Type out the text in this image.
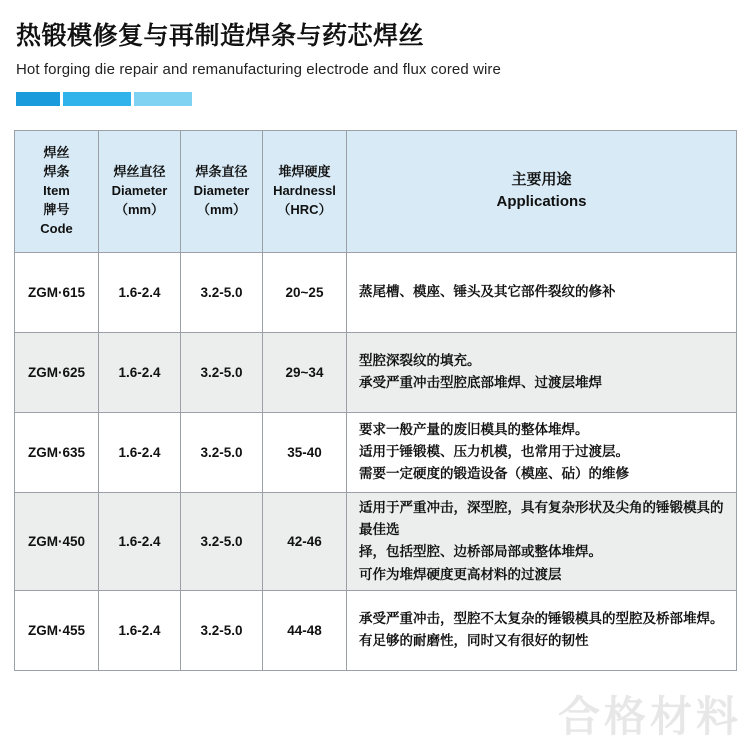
热锻模修复与再制造焊条与药芯焊丝
Hot forging die repair and remanufacturing electrode and flux cored wire
焊丝
焊条
Item
牌号
Code	焊丝直径
Diameter
（mm）	焊条直径
Diameter
（mm）	堆焊硬度
Hardnessl
（HRC）	主要用途
Applications

ZGM·615	1.6-2.4	3.2-5.0	20~25	蒸尾槽、模座、锤头及其它部件裂纹的修补

ZGM·625	1.6-2.4	3.2-5.0	29~34	型腔深裂纹的填充。
承受严重冲击型腔底部堆焊、过渡层堆焊

ZGM·635	1.6-2.4	3.2-5.0	35-40	要求一般产量的废旧模具的整体堆焊。
适用于锤锻模、压力机模，也常用于过渡层。
需要一定硬度的锻造设备（模座、砧）的维修

ZGM·450	1.6-2.4	3.2-5.0	42-46	适用于严重冲击，深型腔，具有复杂形状及尖角的锤锻模具的最佳选
择，包括型腔、边桥部局部或整体堆焊。
可作为堆焊硬度更高材料的过渡层

ZGM·455	1.6-2.4	3.2-5.0	44-48	承受严重冲击，型腔不太复杂的锤锻模具的型腔及桥部堆焊。
有足够的耐磨性，同时又有很好的韧性
合格材料
